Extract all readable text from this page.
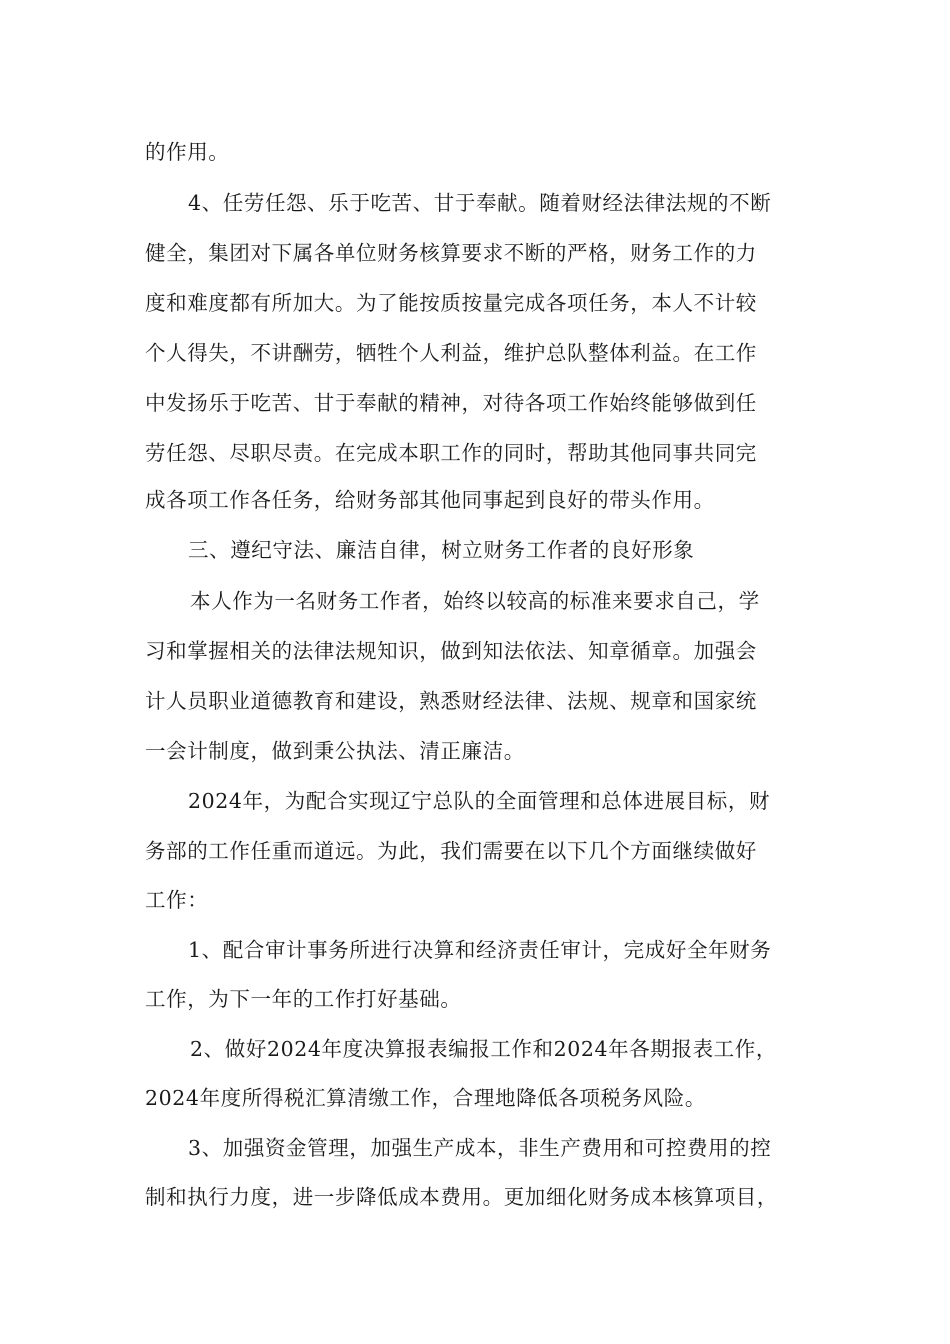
的作用。
4、任劳任怨、乐于吃苦、甘于奉献。随着财经法律法规的不断
健全，集团对下属各单位财务核算要求不断的严格，财务工作的力
度和难度都有所加大。为了能按质按量完成各项任务，本人不计较
个人得失，不讲酬劳，牺牲个人利益，维护总队整体利益。在工作
中发扬乐于吃苦、甘于奉献的精神，对待各项工作始终能够做到任
劳任怨、尽职尽责。在完成本职工作的同时，帮助其他同事共同完
成各项工作各任务，给财务部其他同事起到良好的带头作用。
三、遵纪守法、廉洁自律，树立财务工作者的良好形象
本人作为一名财务工作者，始终以较高的标准来要求自己，学
习和掌握相关的法律法规知识，做到知法依法、知章循章。加强会
计人员职业道德教育和建设，熟悉财经法律、法规、规章和国家统
一会计制度，做到秉公执法、清正廉洁。
2024年，为配合实现辽宁总队的全面管理和总体进展目标，财
务部的工作任重而道远。为此，我们需要在以下几个方面继续做好
工作：
1、配合审计事务所进行决算和经济责任审计，完成好全年财务
工作，为下一年的工作打好基础。
2、做好2024年度决算报表编报工作和2024年各期报表工作，
2024年度所得税汇算清缴工作，合理地降低各项税务风险。
3、加强资金管理，加强生产成本，非生产费用和可控费用的控
制和执行力度，进一步降低成本费用。更加细化财务成本核算项目，
